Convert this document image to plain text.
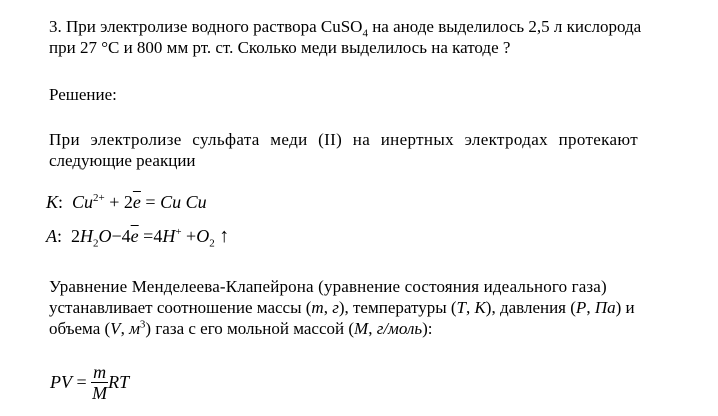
3. При электролизе водного раствора CuSO$_4$ на аноде выделилось 2,5 л кислорода
при 27 °С и 800 мм рт. ст. Сколько меди выделилось на катоде ?
Решение:
При электролизе сульфата меди (II) на инертных электродах протекают
следующие реакции
K: $Cu^{2+} + 2\overline{e} = Cu$ Cu
A: $2H_2O-4\overline{e} =4H^+ +O_2$ ↑
Уравнение Менделеева-Клапейрона (уравнение состояния идеального газа)
устанавливает соотношение массы (m, г), температуры (T, К), давления (P, Па) и
объема (V, $м^3$) газа с его мольной массой (M, г/моль):
PV = $\frac{m}{M}$ RT
